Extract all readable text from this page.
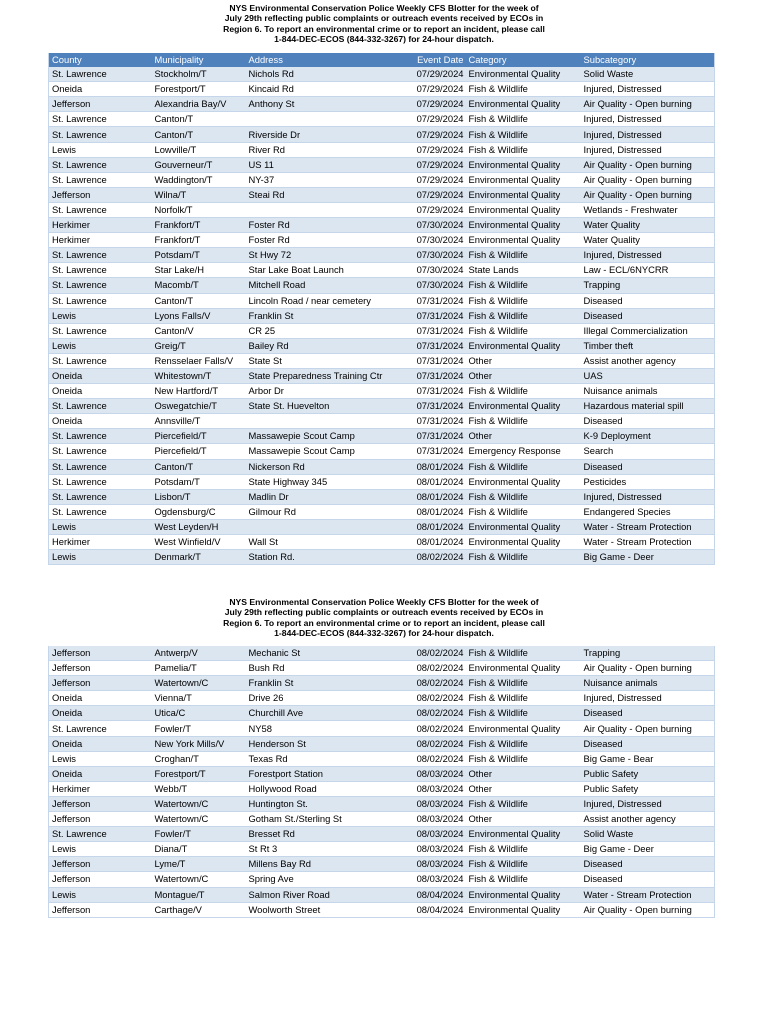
NYS Environmental Conservation Police Weekly CFS Blotter for the week of
July 29th reflecting public complaints or outreach events received by ECOs in
Region 6. To report an environmental crime or to report an incident, please call
1-844-DEC-ECOS (844-332-3267) for 24-hour dispatch.
County	Municipality	Address	Event Date	Category	Subcategory
St. Lawrence	Stockholm/T	Nichols Rd	07/29/2024	Environmental Quality	Solid Waste
Oneida	Forestport/T	Kincaid Rd	07/29/2024	Fish & Wildlife	Injured, Distressed
Jefferson	Alexandria Bay/V	Anthony St	07/29/2024	Environmental Quality	Air Quality - Open burning
St. Lawrence	Canton/T		07/29/2024	Fish & Wildlife	Injured, Distressed
St. Lawrence	Canton/T	Riverside Dr	07/29/2024	Fish & Wildlife	Injured, Distressed
Lewis	Lowville/T	River Rd	07/29/2024	Fish & Wildlife	Injured, Distressed
St. Lawrence	Gouverneur/T	US 11	07/29/2024	Environmental Quality	Air Quality - Open burning
St. Lawrence	Waddington/T	NY-37	07/29/2024	Environmental Quality	Air Quality - Open burning
Jefferson	Wilna/T	Steai Rd	07/29/2024	Environmental Quality	Air Quality - Open burning
St. Lawrence	Norfolk/T		07/29/2024	Environmental Quality	Wetlands - Freshwater
Herkimer	Frankfort/T	Foster Rd	07/30/2024	Environmental Quality	Water Quality
Herkimer	Frankfort/T	Foster Rd	07/30/2024	Environmental Quality	Water Quality
St. Lawrence	Potsdam/T	St Hwy 72	07/30/2024	Fish & Wildlife	Injured, Distressed
St. Lawrence	Star Lake/H	Star Lake Boat Launch	07/30/2024	State Lands	Law - ECL/6NYCRR
St. Lawrence	Macomb/T	Mitchell Road	07/30/2024	Fish & Wildlife	Trapping
St. Lawrence	Canton/T	Lincoln Road / near cemetery	07/31/2024	Fish & Wildlife	Diseased
Lewis	Lyons Falls/V	Franklin St	07/31/2024	Fish & Wildlife	Diseased
St. Lawrence	Canton/V	CR 25	07/31/2024	Fish & Wildlife	Illegal Commercialization
Lewis	Greig/T	Bailey Rd	07/31/2024	Environmental Quality	Timber theft
St. Lawrence	Rensselaer Falls/V	State St	07/31/2024	Other	Assist another agency
Oneida	Whitestown/T	State Preparedness Training Ctr	07/31/2024	Other	UAS
Oneida	New Hartford/T	Arbor Dr	07/31/2024	Fish & Wildlife	Nuisance animals
St. Lawrence	Oswegatchie/T	State St. Huevelton	07/31/2024	Environmental Quality	Hazardous material spill
Oneida	Annsville/T		07/31/2024	Fish & Wildlife	Diseased
St. Lawrence	Piercefield/T	Massawepie Scout Camp	07/31/2024	Other	K-9 Deployment
St. Lawrence	Piercefield/T	Massawepie Scout Camp	07/31/2024	Emergency Response	Search
St. Lawrence	Canton/T	Nickerson Rd	08/01/2024	Fish & Wildlife	Diseased
St. Lawrence	Potsdam/T	State Highway 345	08/01/2024	Environmental Quality	Pesticides
St. Lawrence	Lisbon/T	Madlin Dr	08/01/2024	Fish & Wildlife	Injured, Distressed
St. Lawrence	Ogdensburg/C	Gilmour Rd	08/01/2024	Fish & Wildlife	Endangered Species
Lewis	West Leyden/H		08/01/2024	Environmental Quality	Water - Stream Protection
Herkimer	West Winfield/V	Wall St	08/01/2024	Environmental Quality	Water - Stream Protection
Lewis	Denmark/T	Station Rd.	08/02/2024	Fish & Wildlife	Big Game - Deer
NYS Environmental Conservation Police Weekly CFS Blotter for the week of
July 29th reflecting public complaints or outreach events received by ECOs in
Region 6. To report an environmental crime or to report an incident, please call
1-844-DEC-ECOS (844-332-3267) for 24-hour dispatch.
Jefferson	Antwerp/V	Mechanic St	08/02/2024	Fish & Wildlife	Trapping
Jefferson	Pamelia/T	Bush Rd	08/02/2024	Environmental Quality	Air Quality - Open burning
Jefferson	Watertown/C	Franklin St	08/02/2024	Fish & Wildlife	Nuisance animals
Oneida	Vienna/T	Drive 26	08/02/2024	Fish & Wildlife	Injured, Distressed
Oneida	Utica/C	Churchill Ave	08/02/2024	Fish & Wildlife	Diseased
St. Lawrence	Fowler/T	NY58	08/02/2024	Environmental Quality	Air Quality - Open burning
Oneida	New York Mills/V	Henderson St	08/02/2024	Fish & Wildlife	Diseased
Lewis	Croghan/T	Texas Rd	08/02/2024	Fish & Wildlife	Big Game - Bear
Oneida	Forestport/T	Forestport Station	08/03/2024	Other	Public Safety
Herkimer	Webb/T	Hollywood Road	08/03/2024	Other	Public Safety
Jefferson	Watertown/C	Huntington St.	08/03/2024	Fish & Wildlife	Injured, Distressed
Jefferson	Watertown/C	Gotham St./Sterling St	08/03/2024	Other	Assist another agency
St. Lawrence	Fowler/T	Bresset Rd	08/03/2024	Environmental Quality	Solid Waste
Lewis	Diana/T	St Rt 3	08/03/2024	Fish & Wildlife	Big Game - Deer
Jefferson	Lyme/T	Millens Bay Rd	08/03/2024	Fish & Wildlife	Diseased
Jefferson	Watertown/C	Spring Ave	08/03/2024	Fish & Wildlife	Diseased
Lewis	Montague/T	Salmon River Road	08/04/2024	Environmental Quality	Water - Stream Protection
Jefferson	Carthage/V	Woolworth Street	08/04/2024	Environmental Quality	Air Quality - Open burning
